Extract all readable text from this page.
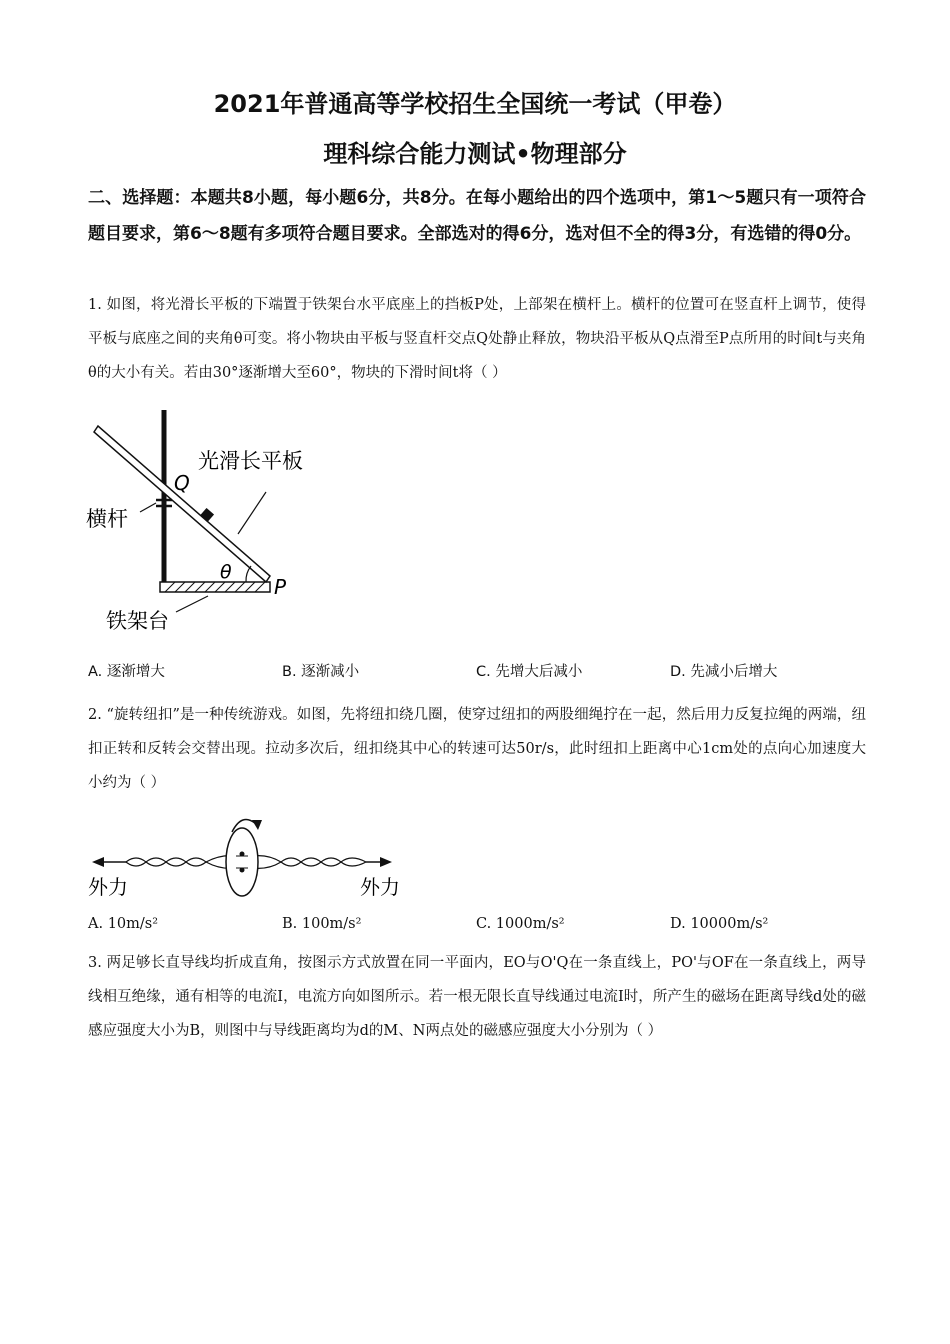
2021年普通高等学校招生全国统一考试（甲卷）
理科综合能力测试•物理部分
二、选择题：本题共8小题，每小题6分，共8分。在每小题给出的四个选项中，第1～5题只有一项符合题目要求，第6～8题有多项符合题目要求。全部选对的得6分，选对但不全的得3分，有选错的得0分。
1. 如图，将光滑长平板的下端置于铁架台水平底座上的挡板P处，上部架在横杆上。横杆的位置可在竖直杆上调节，使得平板与底座之间的夹角θ可变。将小物块由平板与竖直杆交点Q处静止释放，物块沿平板从Q点滑至P点所用的时间t与夹角θ的大小有关。若由30°逐渐增大至60°，物块的下滑时间t将（ ）
光滑长平板
横杆
铁架台
Q
P
θ
A. 逐渐增大	B. 逐渐减小	C. 先增大后减小	D. 先减小后增大
2. “旋转纽扣”是一种传统游戏。如图，先将纽扣绕几圈，使穿过纽扣的两股细绳拧在一起，然后用力反复拉绳的两端，纽扣正转和反转会交替出现。拉动多次后，纽扣绕其中心的转速可达50r/s，此时纽扣上距离中心1cm处的点向心加速度大小约为（ ）
外力	外力
A. 10m/s²	B. 100m/s²	C. 1000m/s²	D. 10000m/s²
3. 两足够长直导线均折成直角，按图示方式放置在同一平面内，EO与O'Q在一条直线上，PO'与OF在一条直线上，两导线相互绝缘，通有相等的电流I，电流方向如图所示。若一根无限长直导线通过电流I时，所产生的磁场在距离导线d处的磁感应强度大小为B，则图中与导线距离均为d的M、N两点处的磁感应强度大小分别为（ ）
